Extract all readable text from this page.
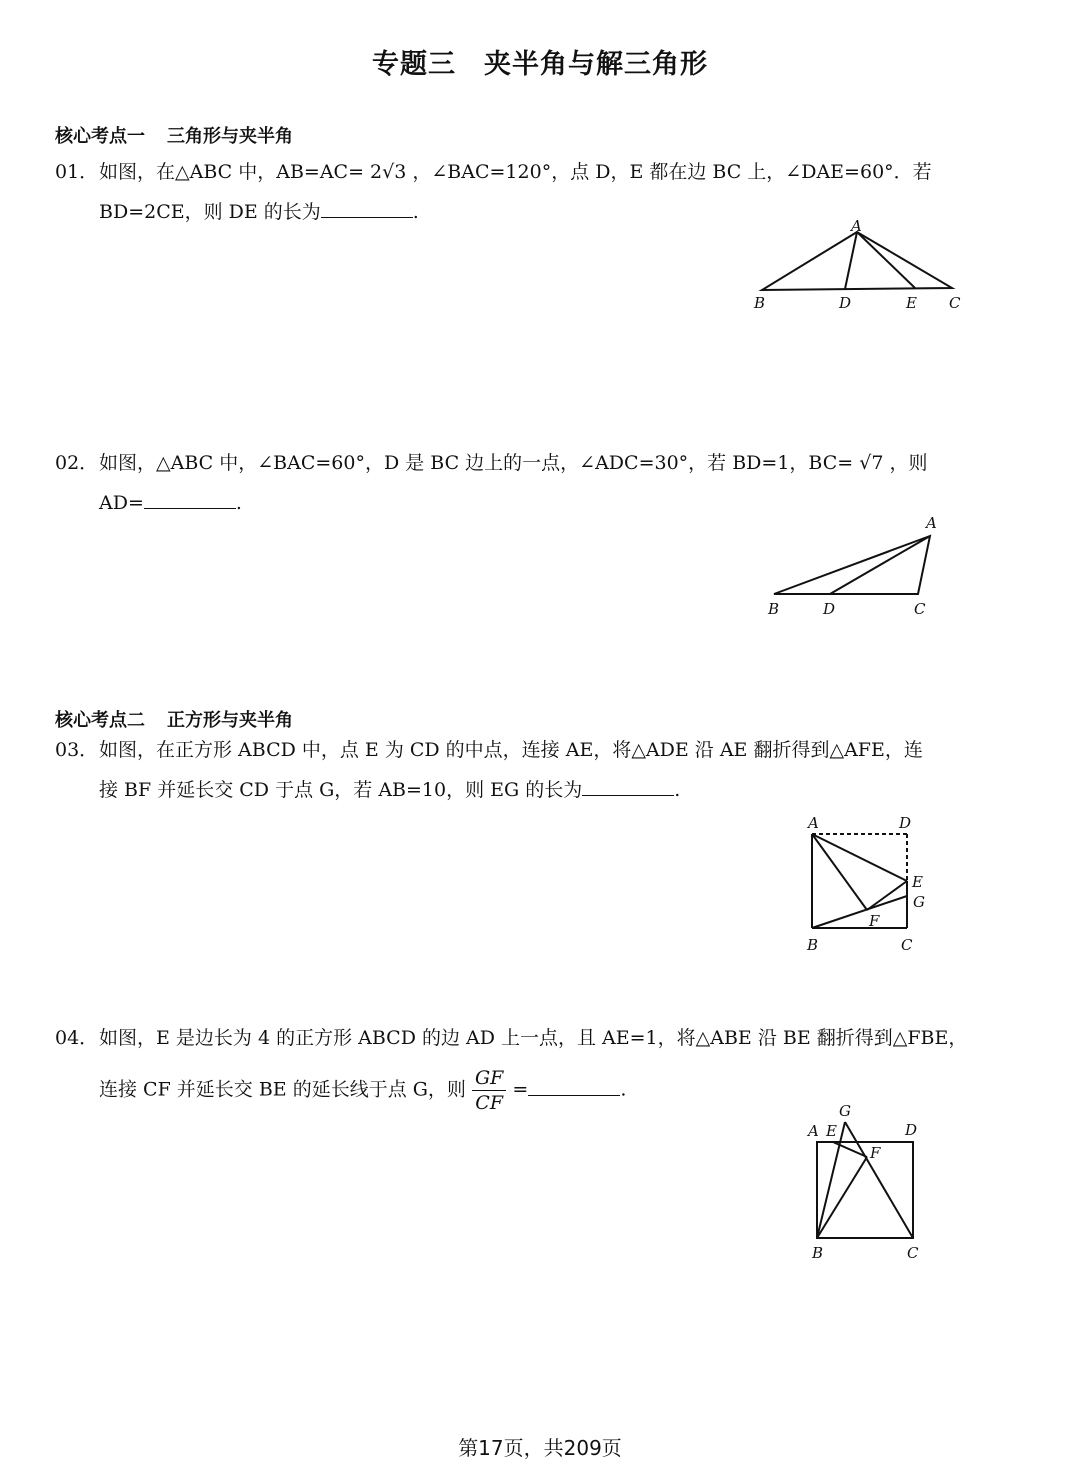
专题三　夹半角与解三角形
核心考点一 三角形与夹半角
01．如图，在△ABC 中，AB=AC= 2√3 ，∠BAC=120°，点 D，E 都在边 BC 上，∠DAE=60°．若
BD=2CE，则 DE 的长为	.
A
B	D	E C
02．如图，△ABC 中，∠BAC=60°，D 是 BC 边上的一点，∠ADC=30°，若 BD=1，BC= √7 ，则
AD=	.
A
B	D	C
核心考点二 正方形与夹半角
03．如图，在正方形 ABCD 中，点 E 为 CD 的中点，连接 AE，将△ADE 沿 AE 翻折得到△AFE，连
接 BF 并延长交 CD 于点 G，若 AB=10，则 EG 的长为	.
A	D
E
G
F
B	C
04．如图，E 是边长为 4 的正方形 ABCD 的边 AD 上一点，且 AE=1，将△ABE 沿 BE 翻折得到△FBE，
连接 CF 并延长交 BE 的延长线于点 G，则 $\frac{GF}{CF}$ =	.
G
A E	D
F
B	C
第17页，共209页
